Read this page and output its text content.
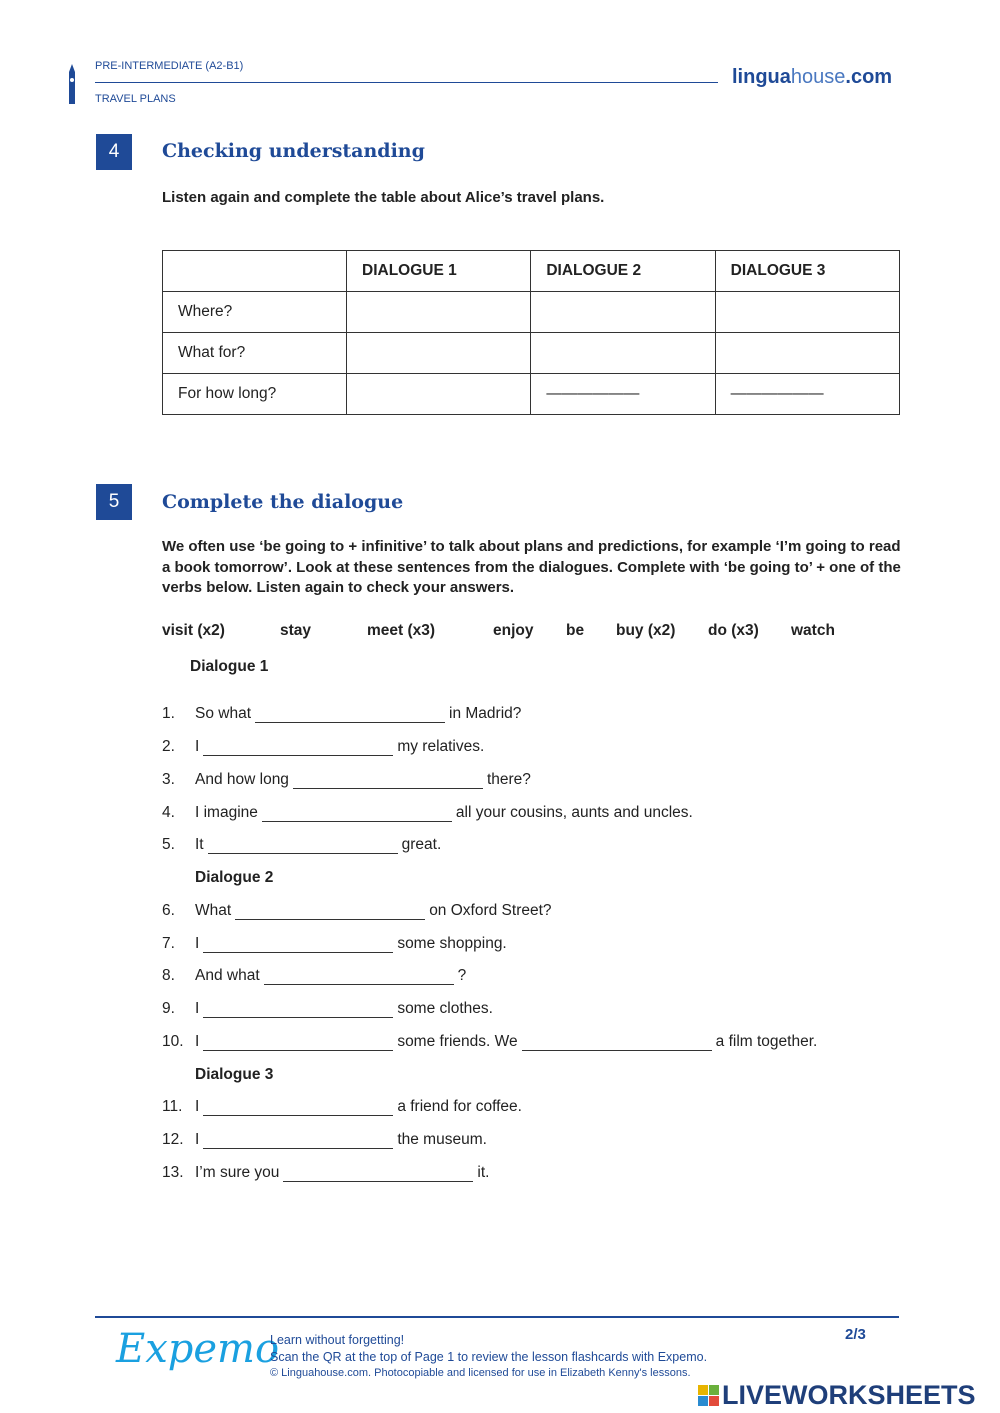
PRE-INTERMEDIATE (A2-B1)
TRAVEL PLANS
linguahouse.com
4	Checking understanding
Listen again and complete the table about Alice’s travel plans.
	DIALOGUE 1	DIALOGUE 2	DIALOGUE 3
Where?			
What for?			
For how long?		——————	——————
5	Complete the dialogue
We often use ‘be going to + infinitive’ to talk about plans and predictions, for example ‘I’m going to read a book tomorrow’. Look at these sentences from the dialogues. Complete with ‘be going to’ + one of the verbs below. Listen again to check your answers.
visit (x2)	stay	meet (x3)	enjoy be buy (x2) do (x3) watch
Dialogue 1
Dialogue 2
Dialogue 3
1. So what	in Madrid?
2. I	my relatives.
3. And how long	there?
4. I imagine	all your cousins, aunts and uncles.
5. It	great.
6. What	on Oxford Street?
7. I	some shopping.
8. And what	?
9. I	some clothes.
10. I	some friends. We	a film together.
11. I	a friend for coffee.
12. I	the museum.
13. I’m sure you	it.
Expemo
Learn without forgetting!
Scan the QR at the top of Page 1 to review the lesson flashcards with Expemo.
© Linguahouse.com. Photocopiable and licensed for use in Elizabeth Kenny's lessons.
2/3
LIVEWORKSHEETS
